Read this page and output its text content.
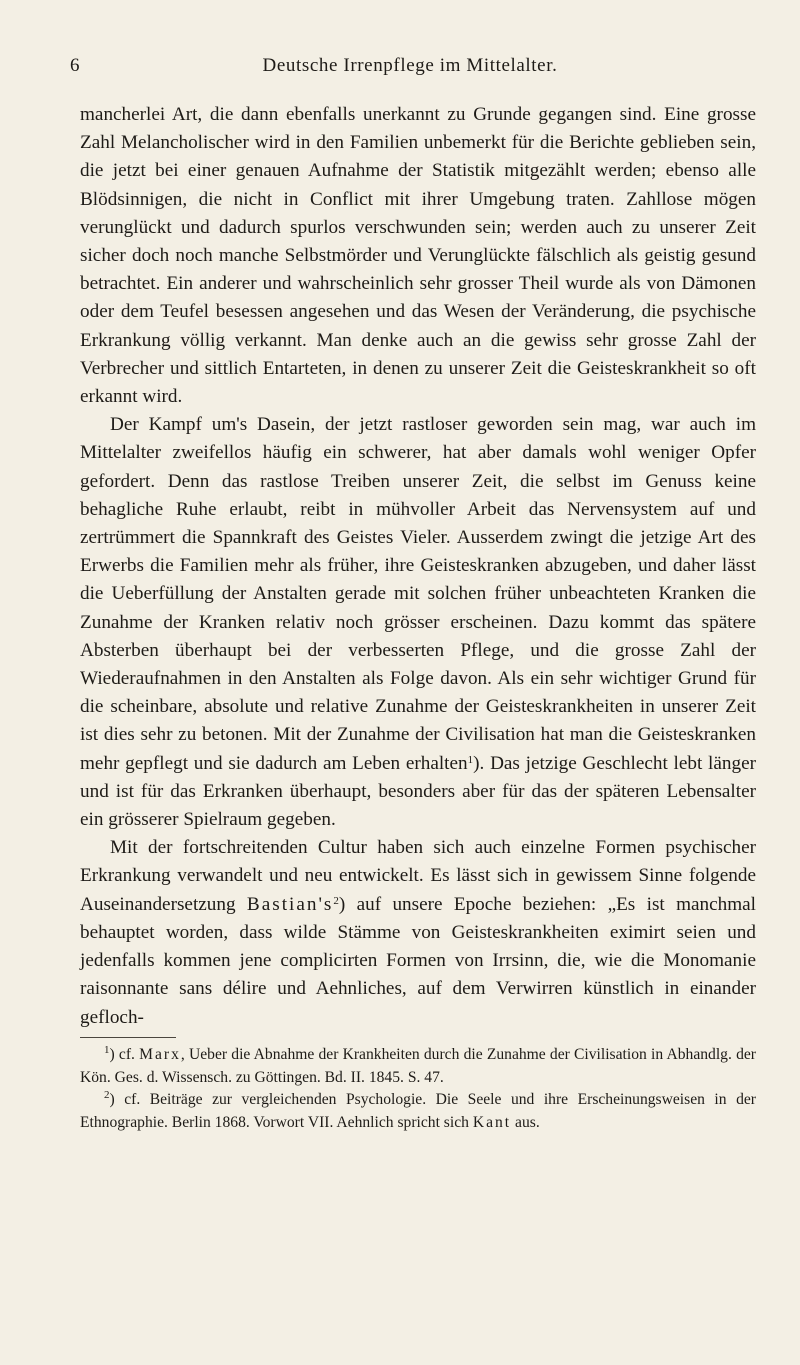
6	Deutsche Irrenpflege im Mittelalter.

mancherlei Art, die dann ebenfalls unerkannt zu Grunde gegangen sind. Eine grosse Zahl Melancholischer wird in den Familien unbemerkt für die Berichte geblieben sein, die jetzt bei einer genauen Aufnahme der Statistik mitgezählt werden; ebenso alle Blödsinnigen, die nicht in Conflict mit ihrer Umgebung traten. Zahllose mögen verunglückt und dadurch spurlos verschwunden sein; werden auch zu unserer Zeit sicher doch noch manche Selbstmörder und Verunglückte fälschlich als geistig gesund betrachtet. Ein anderer und wahrscheinlich sehr grosser Theil wurde als von Dämonen oder dem Teufel besessen angesehen und das Wesen der Veränderung, die psychische Erkrankung völlig verkannt. Man denke auch an die gewiss sehr grosse Zahl der Verbrecher und sittlich Entarteten, in denen zu unserer Zeit die Geisteskrankheit so oft erkannt wird.

Der Kampf um's Dasein, der jetzt rastloser geworden sein mag, war auch im Mittelalter zweifellos häufig ein schwerer, hat aber damals wohl weniger Opfer gefordert. Denn das rastlose Treiben unserer Zeit, die selbst im Genuss keine behagliche Ruhe erlaubt, reibt in mühvoller Arbeit das Nervensystem auf und zertrümmert die Spannkraft des Geistes Vieler. Ausserdem zwingt die jetzige Art des Erwerbs die Familien mehr als früher, ihre Geisteskranken abzugeben, und daher lässt die Ueberfüllung der Anstalten gerade mit solchen früher unbeachteten Kranken die Zunahme der Kranken relativ noch grösser erscheinen. Dazu kommt das spätere Absterben überhaupt bei der verbesserten Pflege, und die grosse Zahl der Wiederaufnahmen in den Anstalten als Folge davon. Als ein sehr wichtiger Grund für die scheinbare, absolute und relative Zunahme der Geisteskrankheiten in unserer Zeit ist dies sehr zu betonen. Mit der Zunahme der Civilisation hat man die Geisteskranken mehr gepflegt und sie dadurch am Leben erhalten$^1$). Das jetzige Geschlecht lebt länger und ist für das Erkranken überhaupt, besonders aber für das der späteren Lebensalter ein grösserer Spielraum gegeben.

Mit der fortschreitenden Cultur haben sich auch einzelne Formen psychischer Erkrankung verwandelt und neu entwickelt. Es lässt sich in gewissem Sinne folgende Auseinandersetzung $Bastian's^2$) auf unsere Epoche beziehen: „Es ist manchmal behauptet worden, dass wilde Stämme von Geisteskrankheiten eximirt seien und jedenfalls kommen jene complicirten Formen von Irrsinn, die, wie die Monomanie raisonnante sans délire und Aehnliches, auf dem Verwirren künstlich in einander gefloch-

$^1$) cf. Marx, Ueber die Abnahme der Krankheiten durch die Zunahme der Civilisation in Abhandlg. der Kön. Ges. d. Wissensch. zu Göttingen. Bd. II. 1845. S. 47.

$^2$) cf. Beiträge zur vergleichenden Psychologie. Die Seele und ihre Erscheinungsweisen in der Ethnographie. Berlin 1868. Vorwort VII. Aehnlich spricht sich Kant aus.
